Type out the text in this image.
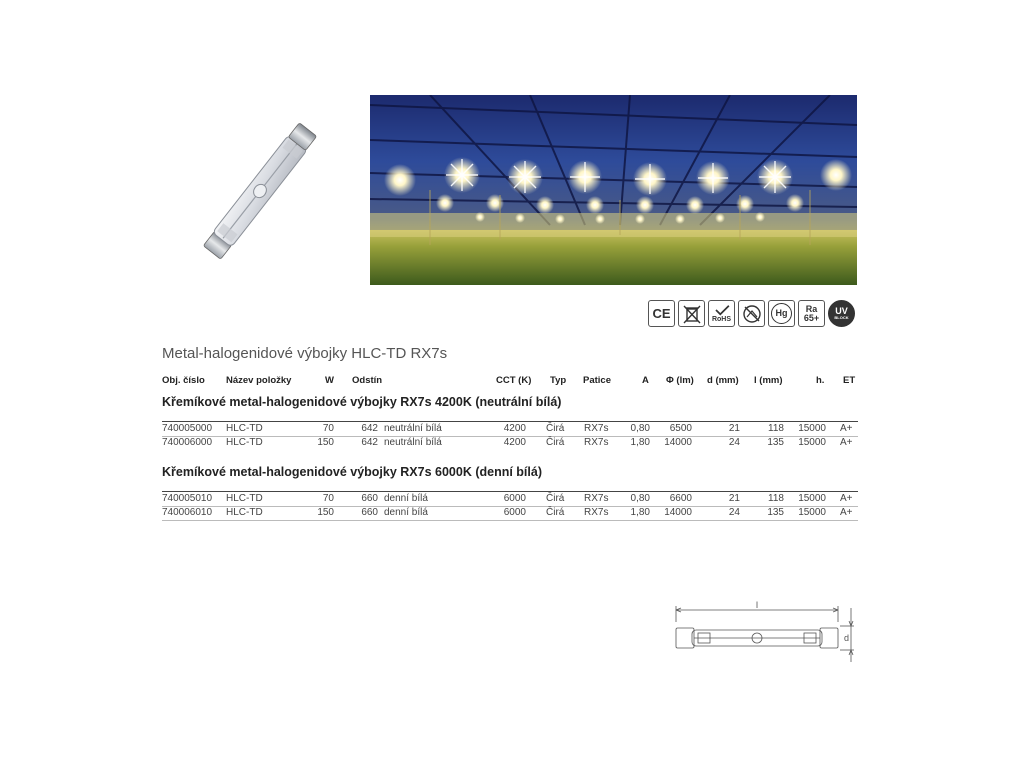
CE	RoHS
Hg	Ra
65+
UV
BLOCK
Metal-halogenidové výbojky HLC-TD RX7s
Obj. číslo Název položky	W Odstín	CCT (K) Typ Patice	A Φ (lm) d (mm) l (mm)	h. ET
Křemíkové metal-halogenidové výbojky RX7s 4200K (neutrální bílá)
740005000 HLC-TD	70	642 neutrální bílá	4200 Čirá RX7s	0,80	6500	21	118	15000 A+
740006000 HLC-TD	150	642 neutrální bílá	4200 Čirá RX7s	1,80 14000	24	135	15000 A+
Křemíkové metal-halogenidové výbojky RX7s 6000K (denní bílá)
740005010 HLC-TD	70	660 denní bílá	6000 Čirá RX7s	0,80	6600	21	118	15000 A+
740006010 HLC-TD	150	660 denní bílá	6000 Čirá RX7s	1,80 14000	24	135	15000 A+
l
d
